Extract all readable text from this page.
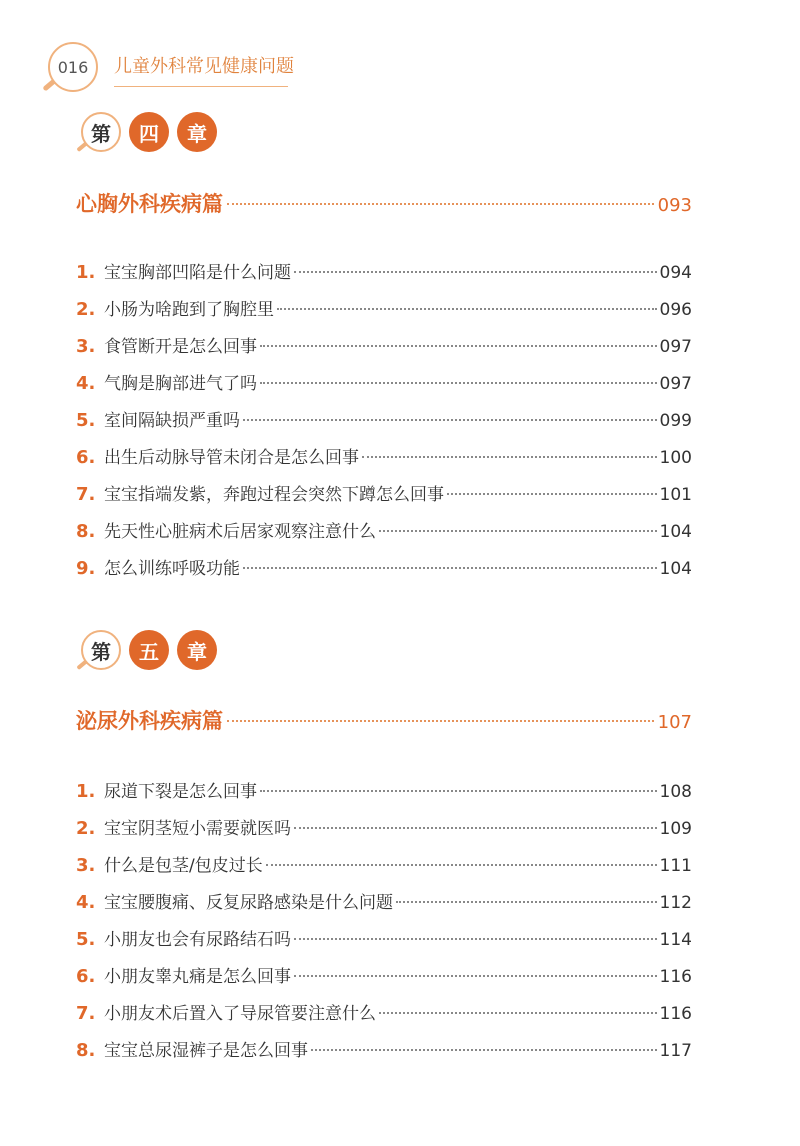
016	儿童外科常见健康问题
第	四	章
心胸外科疾病篇	093
1. 宝宝胸部凹陷是什么问题	094
2. 小肠为啥跑到了胸腔里	096
3. 食管断开是怎么回事	097
4. 气胸是胸部进气了吗	097
5. 室间隔缺损严重吗	099
6. 出生后动脉导管未闭合是怎么回事	100
7. 宝宝指端发紫，奔跑过程会突然下蹲怎么回事	101
8. 先天性心脏病术后居家观察注意什么	104
9. 怎么训练呼吸功能	104
第	五	章
泌尿外科疾病篇	107
1. 尿道下裂是怎么回事	108
2. 宝宝阴茎短小需要就医吗	109
3. 什么是包茎/包皮过长	111
4. 宝宝腰腹痛、反复尿路感染是什么问题	112
5. 小朋友也会有尿路结石吗	114
6. 小朋友睾丸痛是怎么回事	116
7. 小朋友术后置入了导尿管要注意什么	116
8. 宝宝总尿湿裤子是怎么回事	117
